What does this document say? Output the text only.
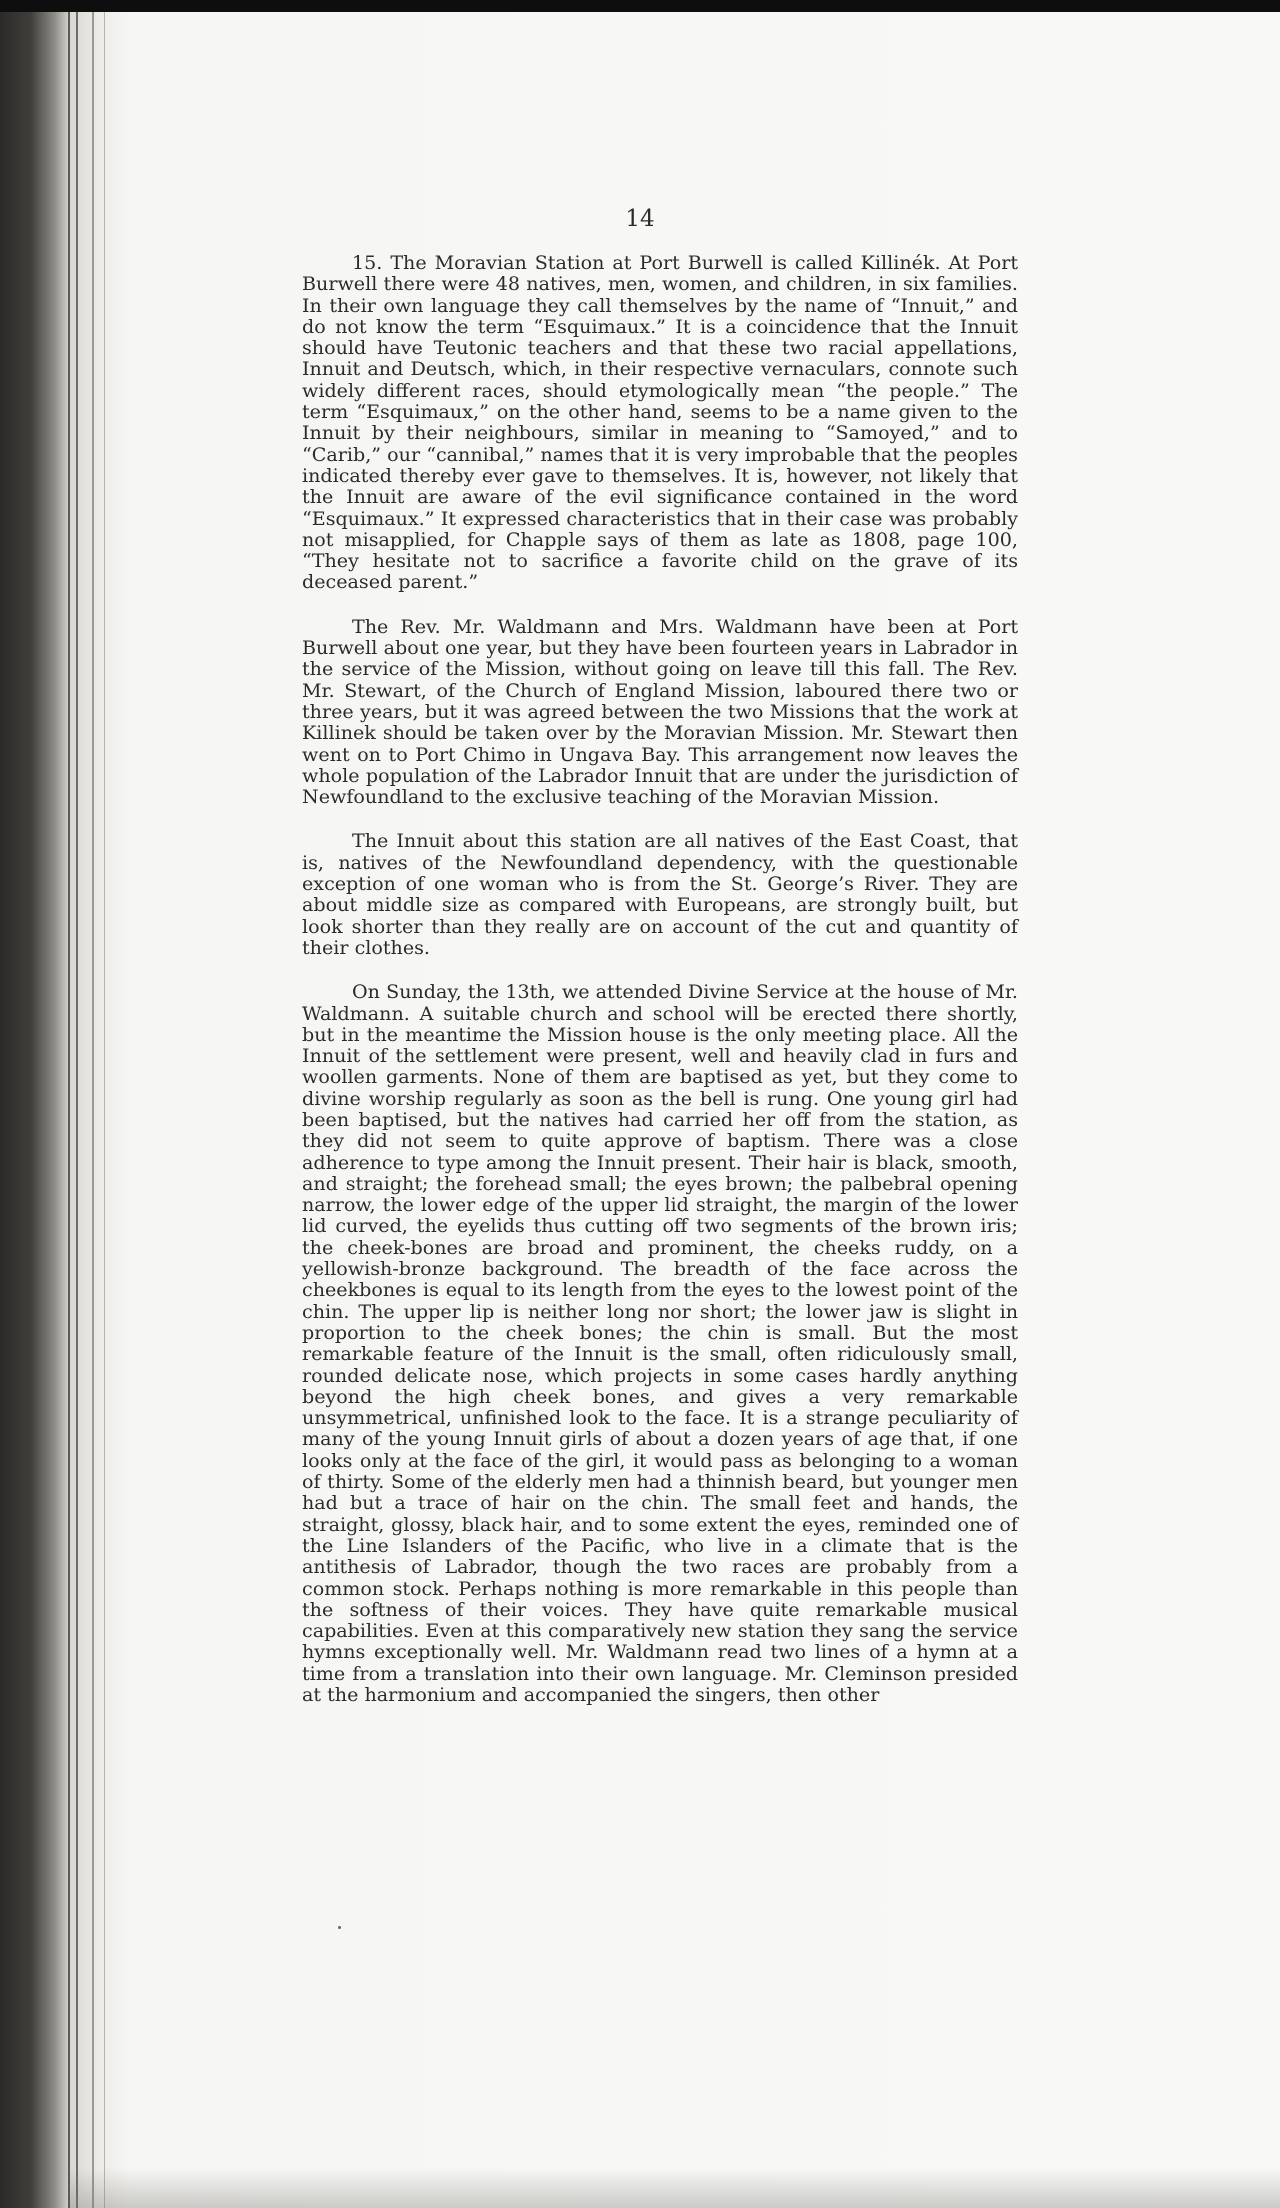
14

15. The Moravian Station at Port Burwell is called Killinék. At Port Burwell there were 48 natives, men, women, and children, in six families. In their own language they call themselves by the name of “Innuit,” and do not know the term “Esquimaux.” It is a coincidence that the Innuit should have Teutonic teachers and that these two racial appellations, Innuit and Deutsch, which, in their respective vernaculars, connote such widely different races, should etymologically mean “the people.” The term “Esquimaux,” on the other hand, seems to be a name given to the Innuit by their neighbours, similar in meaning to “Samoyed,” and to “Carib,” our “cannibal,” names that it is very improbable that the peoples indicated thereby ever gave to themselves. It is, however, not likely that the Innuit are aware of the evil significance contained in the word “Esquimaux.” It expressed characteristics that in their case was probably not misapplied, for Chapple says of them as late as 1808, page 100, “They hesitate not to sacrifice a favorite child on the grave of its deceased parent.”

The Rev. Mr. Waldmann and Mrs. Waldmann have been at Port Burwell about one year, but they have been fourteen years in Labrador in the service of the Mission, without going on leave till this fall. The Rev. Mr. Stewart, of the Church of England Mission, laboured there two or three years, but it was agreed between the two Missions that the work at Killinek should be taken over by the Moravian Mission. Mr. Stewart then went on to Port Chimo in Ungava Bay. This arrangement now leaves the whole population of the Labrador Innuit that are under the jurisdiction of Newfoundland to the exclusive teaching of the Moravian Mission.

The Innuit about this station are all natives of the East Coast, that is, natives of the Newfoundland dependency, with the questionable exception of one woman who is from the St. George’s River. They are about middle size as compared with Europeans, are strongly built, but look shorter than they really are on account of the cut and quantity of their clothes.

On Sunday, the 13th, we attended Divine Service at the house of Mr. Waldmann. A suitable church and school will be erected there shortly, but in the meantime the Mission house is the only meeting place. All the Innuit of the settlement were present, well and heavily clad in furs and woollen garments. None of them are baptised as yet, but they come to divine worship regularly as soon as the bell is rung. One young girl had been baptised, but the natives had carried her off from the station, as they did not seem to quite approve of baptism. There was a close adherence to type among the Innuit present. Their hair is black, smooth, and straight; the forehead small; the eyes brown; the palbebral opening narrow, the lower edge of the upper lid straight, the margin of the lower lid curved, the eyelids thus cutting off two segments of the brown iris; the cheek-bones are broad and prominent, the cheeks ruddy, on a yellowish-bronze background. The breadth of the face across the cheekbones is equal to its length from the eyes to the lowest point of the chin. The upper lip is neither long nor short; the lower jaw is slight in proportion to the cheek bones; the chin is small. But the most remarkable feature of the Innuit is the small, often ridiculously small, rounded delicate nose, which projects in some cases hardly anything beyond the high cheek bones, and gives a very remarkable unsymmetrical, unfinished look to the face. It is a strange peculiarity of many of the young Innuit girls of about a dozen years of age that, if one looks only at the face of the girl, it would pass as belonging to a woman of thirty. Some of the elderly men had a thinnish beard, but younger men had but a trace of hair on the chin. The small feet and hands, the straight, glossy, black hair, and to some extent the eyes, reminded one of the Line Islanders of the Pacific, who live in a climate that is the antithesis of Labrador, though the two races are probably from a common stock. Perhaps nothing is more remarkable in this people than the softness of their voices. They have quite remarkable musical capabilities. Even at this comparatively new station they sang the service hymns exceptionally well. Mr. Waldmann read two lines of a hymn at a time from a translation into their own language. Mr. Cleminson presided at the harmonium and accompanied the singers, then other
